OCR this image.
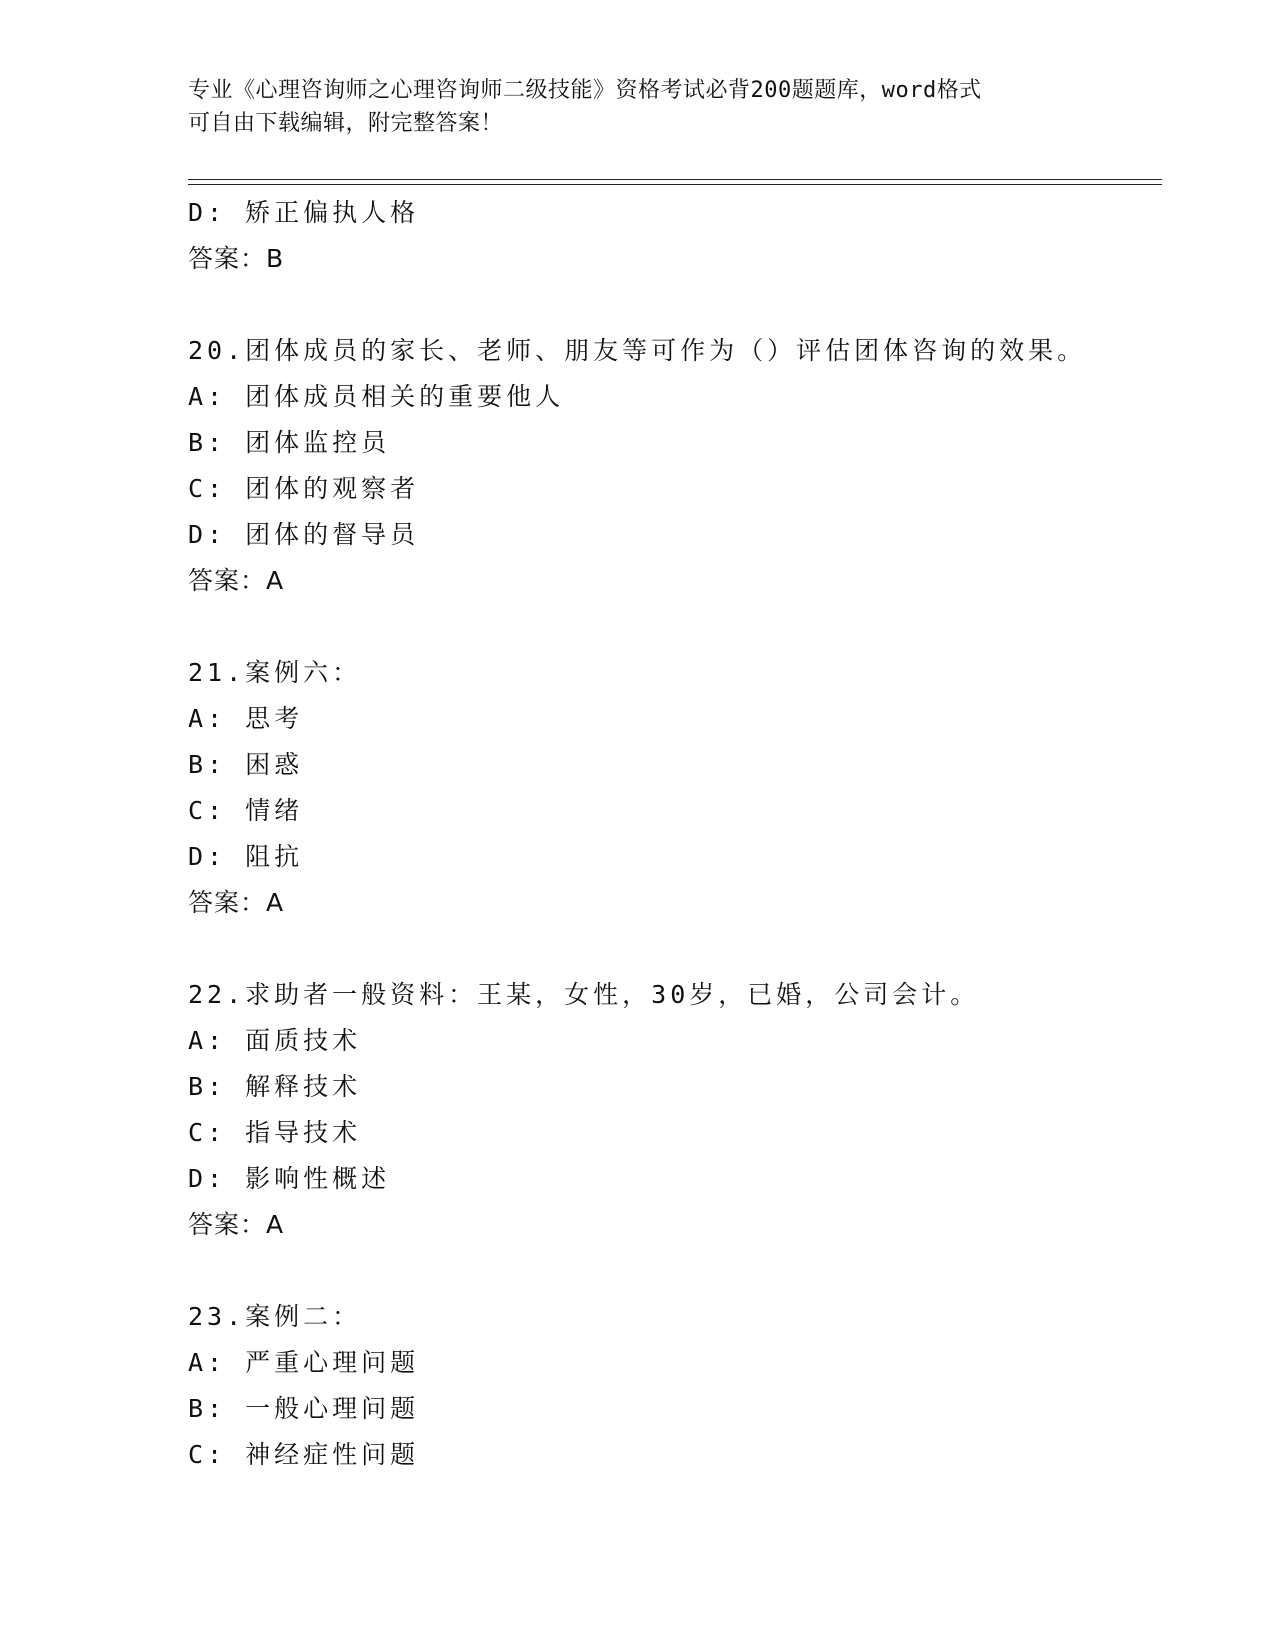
专业《心理咨询师之心理咨询师二级技能》资格考试必背200题题库，word格式
可自由下载编辑，附完整答案！
D: 矫正偏执人格
答案：B
20.团体成员的家长、老师、朋友等可作为（）评估团体咨询的效果。
A: 团体成员相关的重要他人
B: 团体监控员
C: 团体的观察者
D: 团体的督导员
答案：A
21.案例六：
A: 思考
B: 困惑
C: 情绪
D: 阻抗
答案：A
22.求助者一般资料：王某，女性，30岁，已婚，公司会计。
A: 面质技术
B: 解释技术
C: 指导技术
D: 影响性概述
答案：A
23.案例二：
A: 严重心理问题
B: 一般心理问题
C: 神经症性问题
